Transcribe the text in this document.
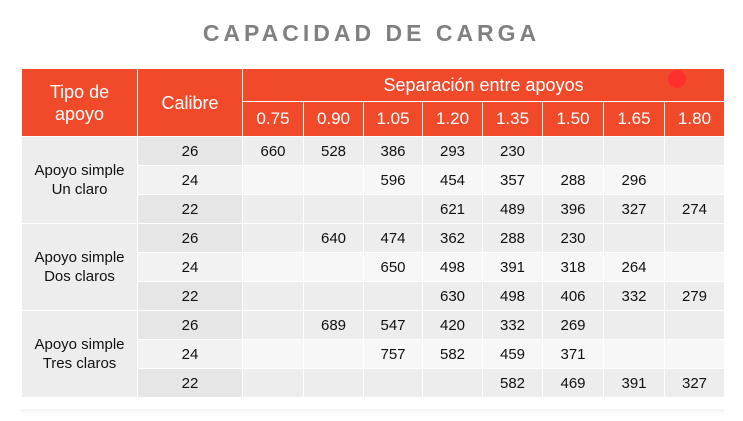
CAPACIDAD DE CARGA
Tipo de
apoyo	Calibre	Separación entre apoyos							
		0.75	0.90	1.05	1.20	1.35	1.50	1.65	1.80
Apoyo simple
Un claro	26	660	528	386	293	230			
	24			596	454	357	288	296	
	22				621	489	396	327	274
Apoyo simple
Dos claros	26		640	474	362	288	230		
	24			650	498	391	318	264	
	22				630	498	406	332	279
Apoyo simple
Tres claros	26		689	547	420	332	269		
	24			757	582	459	371		
	22					582	469	391	327
